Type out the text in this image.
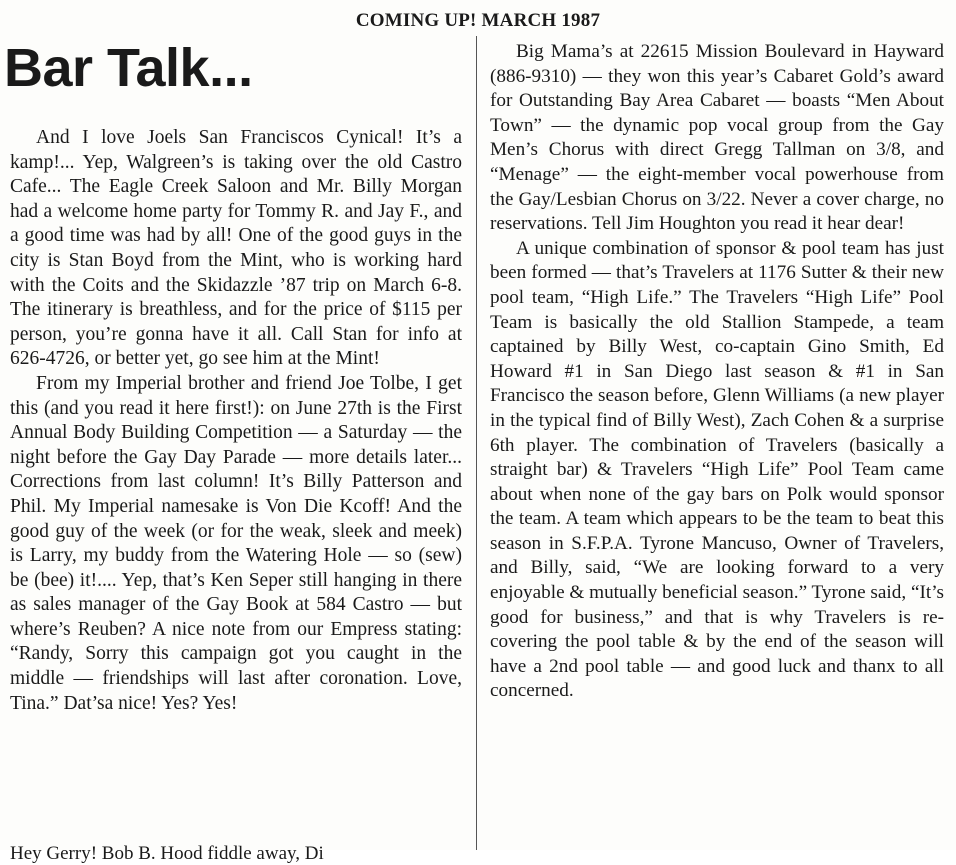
COMING UP! MARCH 1987
Bar Talk...

And I love Joels San Franciscos Cynical! It’s a kamp!... Yep, Walgreen’s is taking over the old Castro Cafe... The Eagle Creek Saloon and Mr. Billy Morgan had a welcome home party for Tommy R. and Jay F., and a good time was had by all! One of the good guys in the city is Stan Boyd from the Mint, who is working hard with the Coits and the Skidazzle ’87 trip on March 6-8. The itinerary is breathless, and for the price of $115 per person, you’re gonna have it all. Call Stan for info at 626-4726, or better yet, go see him at the Mint!

From my Imperial brother and friend Joe Tolbe, I get this (and you read it here first!): on June 27th is the First Annual Body Building Competition — a Saturday — the night before the Gay Day Parade — more details later... Corrections from last column! It’s Billy Patterson and Phil. My Imperial namesake is Von Die Kcoff! And the good guy of the week (or for the weak, sleek and meek) is Larry, my buddy from the Watering Hole — so (sew) be (bee) it!.... Yep, that’s Ken Seper still hanging in there as sales manager of the Gay Book at 584 Castro — but where’s Reuben? A nice note from our Empress stating: “Randy, Sorry this campaign got you caught in the middle — friendships will last after coronation. Love, Tina.” Dat’sa nice! Yes? Yes!

Hey Gerry! Bob B. Hood fiddle away, Di

Big Mama’s at 22615 Mission Boulevard in Hayward (886-9310) — they won this year’s Cabaret Gold’s award for Outstanding Bay Area Cabaret — boasts “Men About Town” — the dynamic pop vocal group from the Gay Men’s Chorus with direct Gregg Tallman on 3/8, and “Menage” — the eight-member vocal powerhouse from the Gay/Lesbian Chorus on 3/22. Never a cover charge, no reservations. Tell Jim Houghton you read it hear dear!

A unique combination of sponsor & pool team has just been formed — that’s Travelers at 1176 Sutter & their new pool team, “High Life.” The Travelers “High Life” Pool Team is basically the old Stallion Stampede, a team captained by Billy West, co-captain Gino Smith, Ed Howard #1 in San Diego last season & #1 in San Francisco the season before, Glenn Williams (a new player in the typical find of Billy West), Zach Cohen & a surprise 6th player. The combination of Travelers (basically a straight bar) & Travelers “High Life” Pool Team came about when none of the gay bars on Polk would sponsor the team. A team which appears to be the team to beat this season in S.F.P.A. Tyrone Mancuso, Owner of Travelers, and Billy, said, “We are looking forward to a very enjoyable & mutually beneficial season.” Tyrone said, “It’s good for business,” and that is why Travelers is re-covering the pool table & by the end of the season will have a 2nd pool table — and good luck and thanx to all concerned.
